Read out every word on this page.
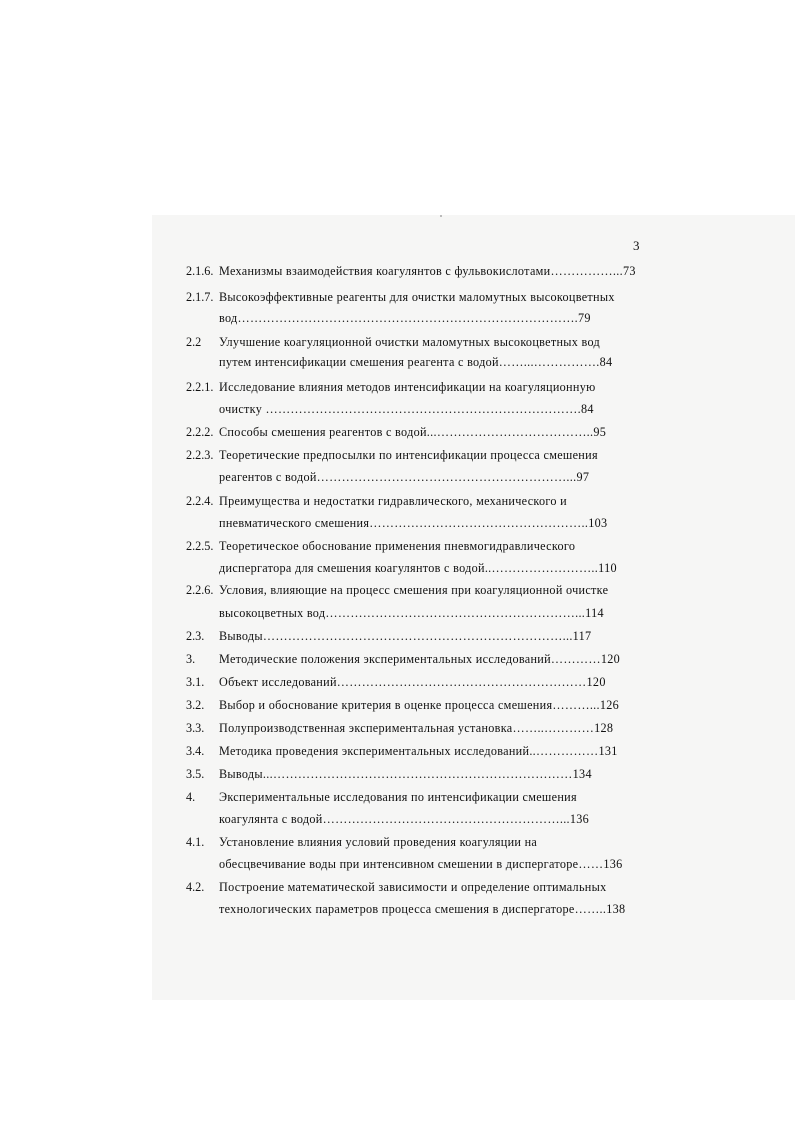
3
2.1.6. Механизмы взаимодействия коагулянтов с фульвокислотами……………...73
2.1.7. Высокоэффективные реагенты для очистки маломутных высокоцветных
вод……………………………………………………………………….79
2.2 Улучшение коагуляционной очистки маломутных высокоцветных вод
путем интенсификации смешения реагента с водой……...…………….84
2.2.1. Исследование влияния методов интенсификации на коагуляционную
очистку ………………………………………………………………….84
2.2.2. Способы смешения реагентов с водой...………………………………..95
2.2.3. Теоретические предпосылки по интенсификации процесса смешения
реагентов с водой……………………………………………………...97
2.2.4. Преимущества и недостатки гидравлического, механического и
пневматического смешения……………………………………………..103
2.2.5. Теоретическое обоснование применения пневмогидравлического
диспергатора для смешения коагулянтов с водой..……………………..110
2.2.6. Условия, влияющие на процесс смешения при коагуляционной очистке
высокоцветных вод……………………………………………………...114
2.3. Выводы………………………………………………………………...117
3. Методические положения экспериментальных исследований…………120
3.1. Объект исследований……………………………………………………120
3.2. Выбор и обоснование критерия в оценке процесса смешения………...126
3.3. Полупроизводственная экспериментальная установка……..…………128
3.4. Методика проведения экспериментальных исследований..……………131
3.5. Выводы...………………………………………………………………134
4. Экспериментальные исследования по интенсификации смешения
коагулянта с водой…………………………………………………...136
4.1. Установление влияния условий проведения коагуляции на
обесцвечивание воды при интенсивном смешении в диспергаторе……136
4.2. Построение математической зависимости и определение оптимальных
технологических параметров процесса смешения в диспергаторе……..138
